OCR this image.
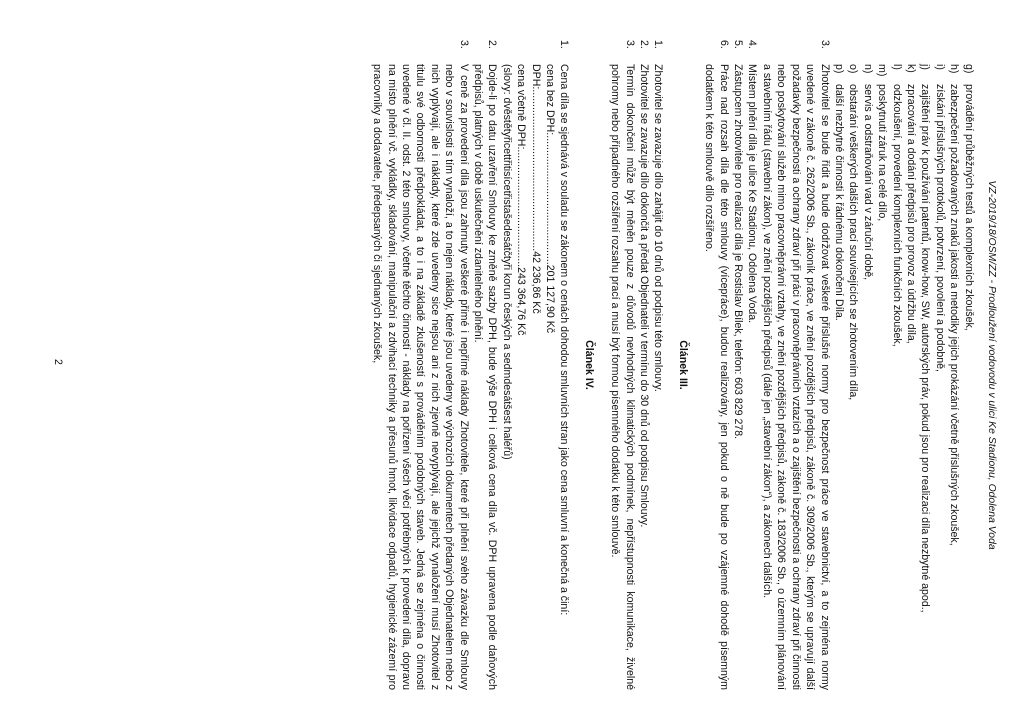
VZ-2019/18/OSM/ZZ - Prodloužení vodovodu v ulici Ke Stadionu, Odolena Voda
g)
provádění průběžných testů a komplexních zkoušek,
h)
zabezpečení požadovaných znaků jakosti a metodiky jejich prokázání včetně příslušných zkoušek,
i)
získání příslušných protokolů, potvrzení, povolení a podobně,
j)
zajištění práv k používání patentů, know-how, SW, autorských práv, pokud jsou pro realizaci díla nezbytné apod.,
k)
zpracování a dodání předpisů pro provoz a údržbu díla,
l)
odzkoušení, provedení komplexních funkčních zkoušek,
m)
poskytnutí záruk na celé dílo,
n)
servis a odstraňování vad v záruční době,
o)
obstarání veškerých dalších prací souvisejících se zhotovením díla,
p)
další nezbytné činnosti k řádnému dokončení Díla.
3.
Zhotovitel se bude řídit a bude dodržovat veškeré příslušné normy pro bezpečnost práce ve stavebnictví, a to zejména normy uvedené v zákoně č. 262/2006 Sb., zákoník práce, ve znění pozdějších předpisů, zákoně č. 309/2006 Sb., kterým se upravují další požadavky bezpečnosti a ochrany zdraví při práci v pracovněprávních vztazích a o zajištění bezpečnosti a ochrany zdraví při činnosti nebo poskytování služeb mimo pracovněprávní vztahy, ve znění pozdějších předpisů, zákoně č. 183/2006 Sb., o územním plánování a stavebním řádu (stavební zákon), ve znění pozdějších předpisů (dále jen „stavební zákon“), a zákonech dalších.
4.
Místem plnění díla je ulice Ke Stadionu, Odolena Voda.
5.
Zástupcem zhotovitele pro realizaci díla je Rostislav Bílek, telefon: 603 829 278.
6.
Práce nad rozsah díla dle této smlouvy (vícepráce), budou realizovány, jen pokud o ně bude po vzájemné dohodě písemným dodatkem k této smlouvě dílo rozšířeno.
Článek III.
1.
Zhotovitel se zavazuje dílo zahájit do 10 dnů od podpisu této smlouvy.
2.
Zhotovitel se zavazuje dílo dokončit a předat Objednateli v termínu do 30 dnů od podpisu Smlouvy.
3.
Termín dokončení může být měněn pouze z důvodů nevhodných klimatických podmínek, nepřístupnosti komunikace, živelné pohromy nebo případného rozšíření rozsahu prací a musí být formou písemného dodatku k této smlouvě.
Článek IV.
1.
Cena díla se sjednává v souladu se zákonem o cenách dohodou smluvních stran jako cena smluvní a konečná a činí:
cena bez DPH:
............................................
201 127,90 Kč
DPH:
.......................................................
42 236,86 Kč
cena včetně DPH:
........................................
243 364,76 Kč
(slovy: dvěstětyřicettřitisícetřistašedesátčtyři korun českých a sedmdesátšest haléřů)
2.
Dojde-li po datu uzavření Smlouvy ke změně sazby DPH, bude výše DPH i celková cena díla vč. DPH upravena podle daňových předpisů, platných v době uskutečnění zdanitelného plnění.
3.
V ceně za provedení díla jsou zahrnuty veškeré přímé i nepřímé náklady Zhotovitele, které při plnění svého závazku dle Smlouvy nebo v souvislosti s tím vynaloží, a to nejen náklady, které jsou uvedeny ve výchozích dokumentech předaných Objednatelem nebo z nich vyplývají, ale i náklady, které zde uvedeny sice nejsou ani z nich zjevně nevyplývají, ale jejichž vynaložení musí Zhotovitel z titulu své odbornosti předpokládat, a to i na základě zkušeností s prováděním podobných staveb. Jedná se zejména o činnosti uvedené v čl. II. odst. 2 této smlouvy, včetně těchto činností - náklady na pořízení všech věcí potřebných k provedení díla, dopravu na místo plnění vč. vykládky, skladování, manipulační a zdvihací techniky a přesunů hmot, likvidace odpadů, hygienické zázemí pro pracovníky a dodavatele, předepsaných či sjednaných zkoušek,
2
